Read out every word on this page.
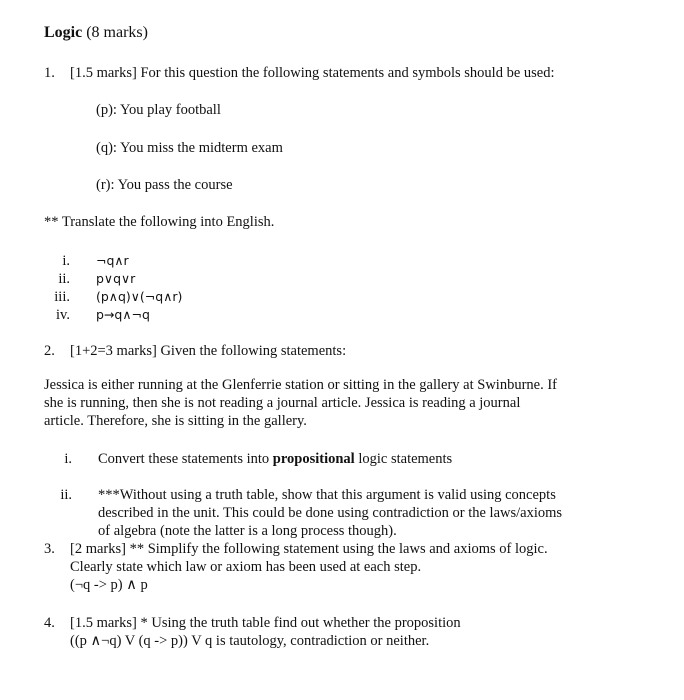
Logic (8 marks)
1. [1.5 marks] For this question the following statements and symbols should be used:
(p): You play football
(q): You miss the midterm exam
(r): You pass the course
** Translate the following into English.
i. ¬q∧r
ii. p∨q∨r
iii. (p∧q)∨(¬q∧r)
iv. p→q∧¬q
2. [1+2=3 marks] Given the following statements:
Jessica is either running at the Glenferrie station or sitting in the gallery at Swinburne. If
she is running, then she is not reading a journal article. Jessica is reading a journal
article. Therefore, she is sitting in the gallery.
i. Convert these statements into propositional logic statements
ii. ***Without using a truth table, show that this argument is valid using concepts
described in the unit. This could be done using contradiction or the laws/axioms
of algebra (note the latter is a long process though).
3. [2 marks] ** Simplify the following statement using the laws and axioms of logic.
Clearly state which law or axiom has been used at each step.
(¬q -> p) ∧ p
4. [1.5 marks] * Using the truth table find out whether the proposition
((p ∧¬q) V (q -> p)) V q is tautology, contradiction or neither.
